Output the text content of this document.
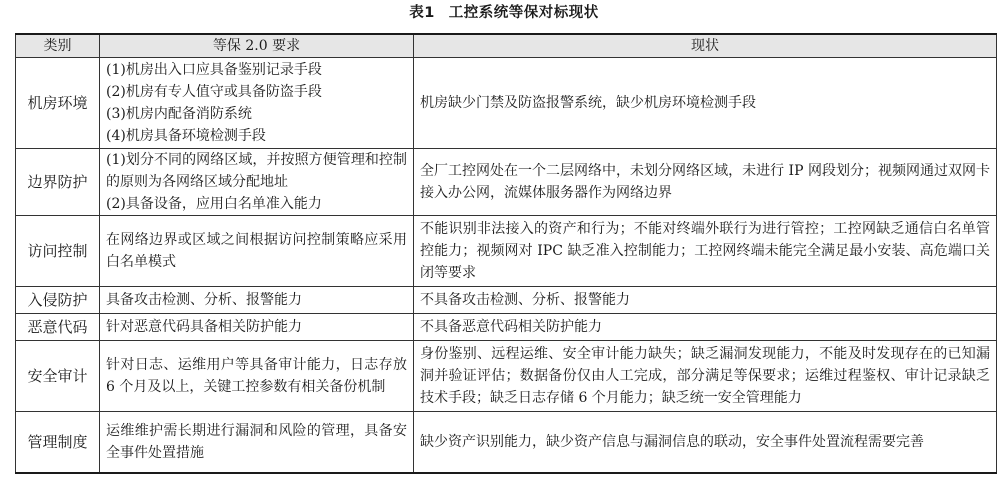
表1 工控系统等保对标现状
类别	等保 2.0 要求	现状
机房环境	(1)机房出入口应具备鉴别记录手段
(2)机房有专人值守或具备防盗手段
(3)机房内配备消防系统
(4)机房具备环境检测手段	机房缺少门禁及防盗报警系统，缺少机房环境检测手段
边界防护	(1)划分不同的网络区域，并按照方便管理和控制的原则为各网络区域分配地址
(2)具备设备，应用白名单准入能力	全厂工控网处在一个二层网络中，未划分网络区域，未进行 IP 网段划分；视频网通过双网卡接入办公网，流媒体服务器作为网络边界
访问控制	在网络边界或区域之间根据访问控制策略应采用白名单模式	不能识别非法接入的资产和行为；不能对终端外联行为进行管控；工控网缺乏通信白名单管控能力；视频网对 IPC 缺乏准入控制能力；工控网终端未能完全满足最小安装、高危端口关闭等要求
入侵防护	具备攻击检测、分析、报警能力	不具备攻击检测、分析、报警能力
恶意代码	针对恶意代码具备相关防护能力	不具备恶意代码相关防护能力
安全审计	针对日志、运维用户等具备审计能力，日志存放 6 个月及以上，关键工控参数有相关备份机制	身份鉴别、远程运维、安全审计能力缺失；缺乏漏洞发现能力，不能及时发现存在的已知漏洞并验证评估；数据备份仅由人工完成，部分满足等保要求；运维过程鉴权、审计记录缺乏技术手段；缺乏日志存储 6 个月能力；缺乏统一安全管理能力
管理制度	运维维护需长期进行漏洞和风险的管理，具备安全事件处置措施	缺少资产识别能力，缺少资产信息与漏洞信息的联动，安全事件处置流程需要完善
